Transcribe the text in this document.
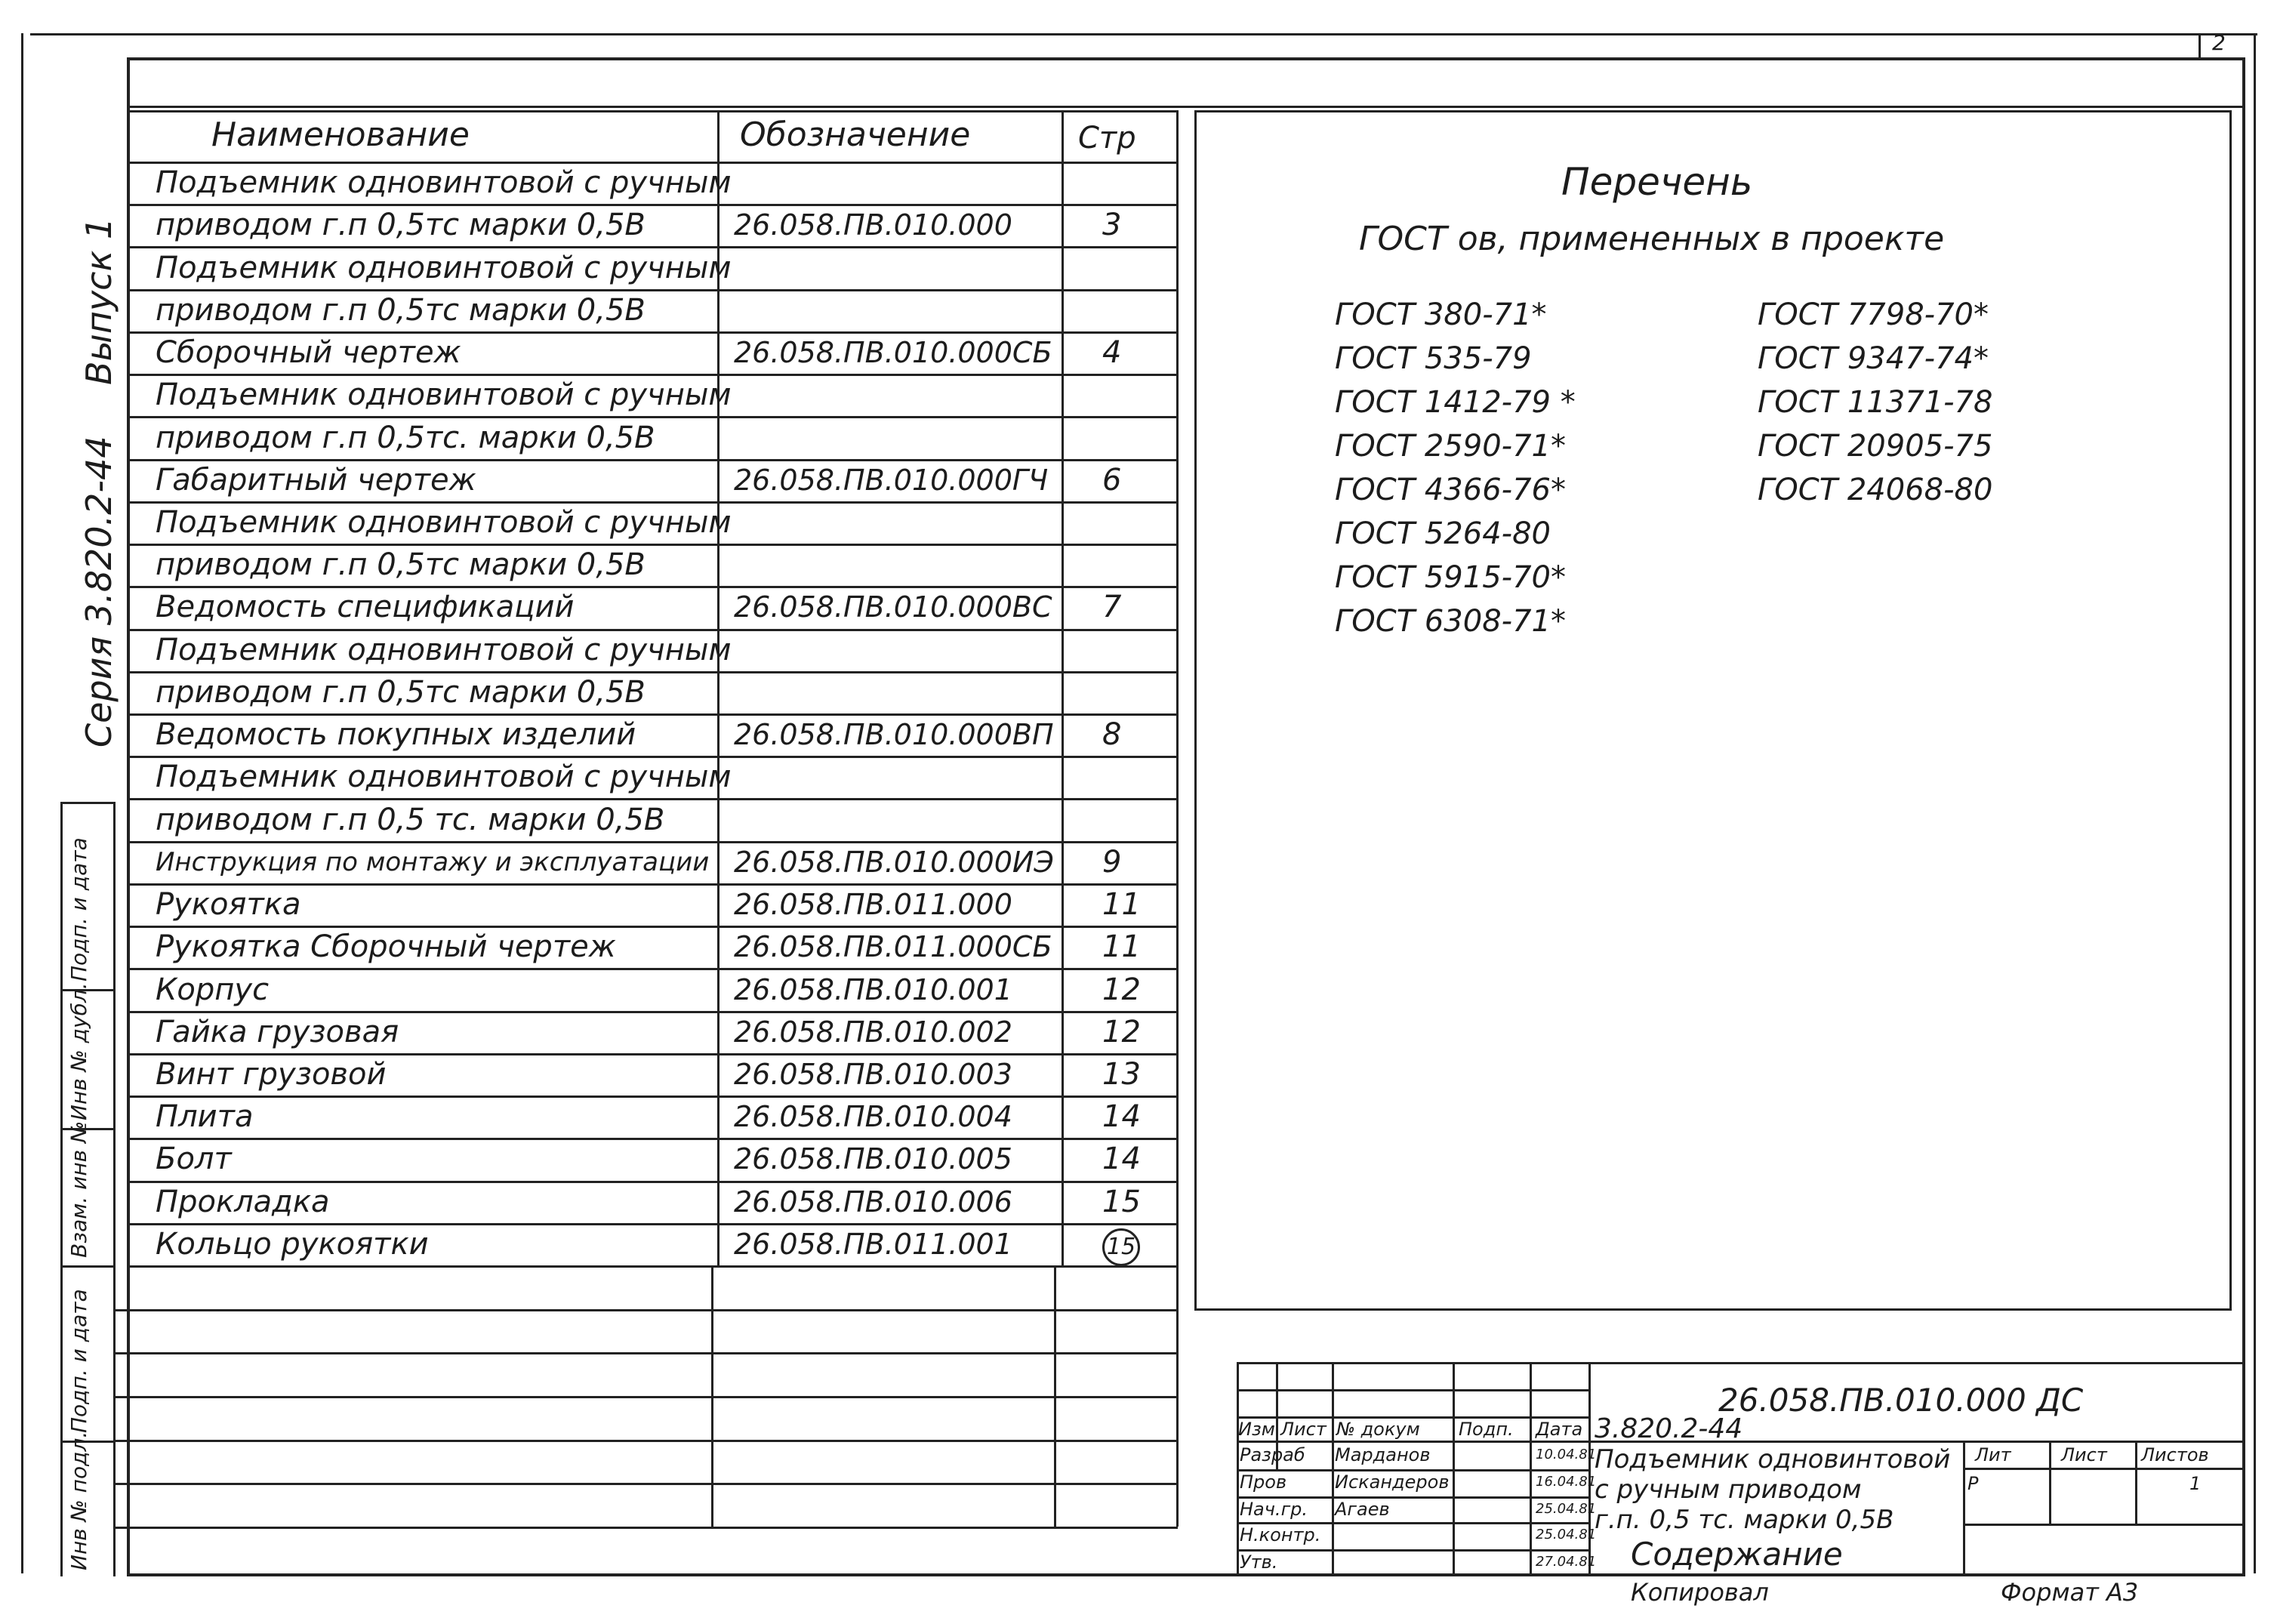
2
Подп. и дата
Инв № дубл.
Взам. инв №
Подп. и дата
Инв № подл.
Серия 3.820.2-44
Выпуск 1
Наименование	Обозначение	Стр
Подъемник одновинтовой с ручным
приводом г.п 0,5тс марки 0,5В	26.058.ПВ.010.000	3
Подъемник одновинтовой с ручным
приводом г.п 0,5тс марки 0,5В
Сборочный чертеж	26.058.ПВ.010.000СБ 4
Подъемник одновинтовой с ручным
приводом г.п 0,5тс. марки 0,5В
Габаритный чертеж	26.058.ПВ.010.000ГЧ 6
Подъемник одновинтовой с ручным
приводом г.п 0,5тс марки 0,5В
Ведомость спецификаций	26.058.ПВ.010.000ВС 7
Подъемник одновинтовой с ручным
приводом г.п 0,5тс марки 0,5В
Ведомость покупных изделий	26.058.ПВ.010.000ВП 8
Подъемник одновинтовой с ручным
приводом г.п 0,5 тс. марки 0,5В
Инструкция по монтажу и эксплуатации 26.058.ПВ.010.000ИЭ 9
Рукоятка	26.058.ПВ.011.000	11
Рукоятка Сборочный чертеж	26.058.ПВ.011.000СБ 11
Корпус	26.058.ПВ.010.001	12
Гайка грузовая	26.058.ПВ.010.002	12
Винт грузовой	26.058.ПВ.010.003	13
Плита	26.058.ПВ.010.004	14
Болт	26.058.ПВ.010.005	14
Прокладка	26.058.ПВ.010.006	15
Кольцо рукоятки	26.058.ПВ.011.001	15
Перечень
ГОСТ ов, примененных в проекте
ГОСТ 380-71*
ГОСТ 535-79
ГОСТ 1412-79 *
ГОСТ 2590-71*
ГОСТ 4366-76*
ГОСТ 5264-80
ГОСТ 5915-70*
ГОСТ 6308-71*
ГОСТ 7798-70*
ГОСТ 9347-74*
ГОСТ 11371-78
ГОСТ 20905-75
ГОСТ 24068-80
26.058.ПВ.010.000 ДС
3.820.2-44
Изм Лист № докум Подп. Дата
Разраб Марданов	10.04.81
Пров	Искандеров	16.04.81
Нач.гр. Агаев	25.04.81
Н.контр.	25.04.81
Утв.	27.04.81
Подъемник одновинтовой
с ручным приводом
г.п. 0,5 тс. марки 0,5В
Содержание
Лит	Лист Листов
Р	1
Копировал	Формат А3
